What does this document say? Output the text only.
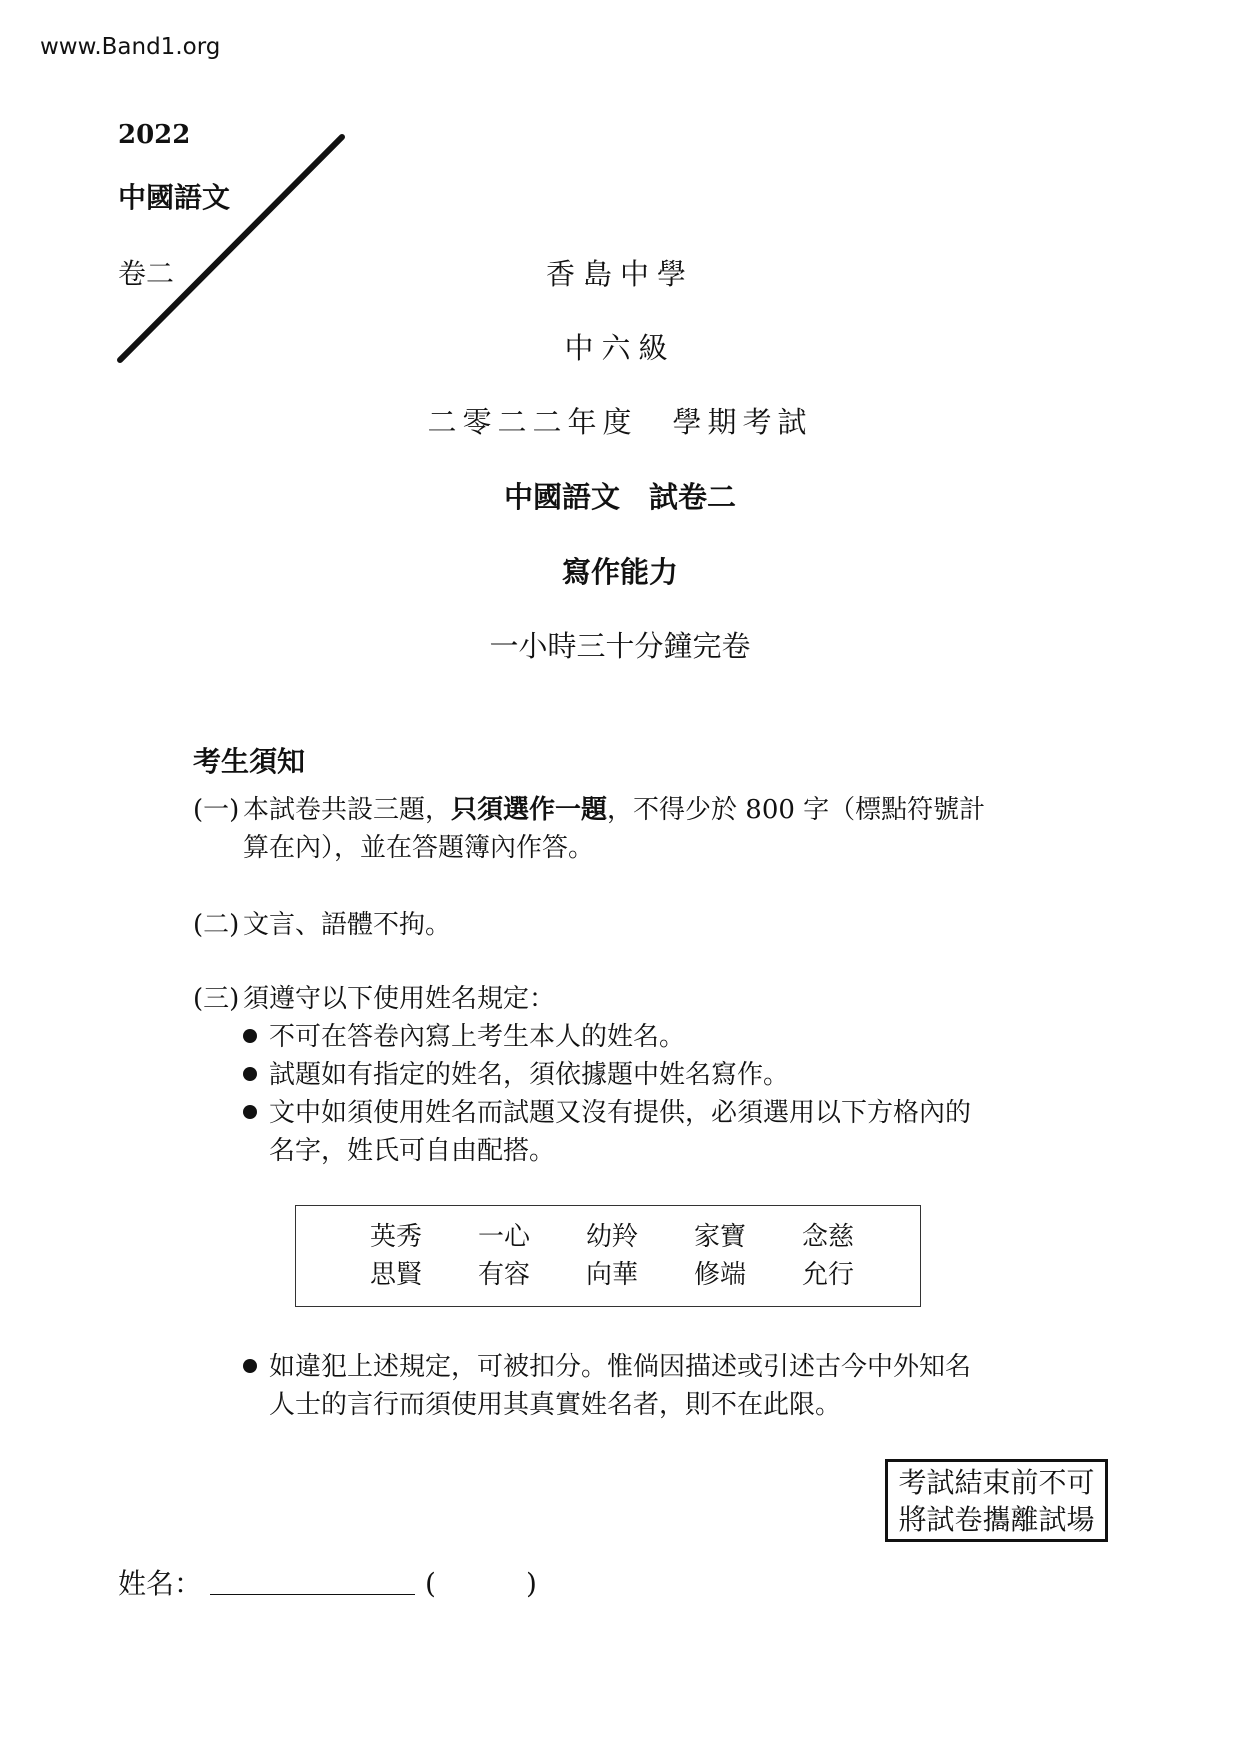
www.Band1.org
2022
中國語文
卷二	香島中學
中六級
二零二二年度　學期考試
中國語文　試卷二
寫作能力
一小時三十分鐘完卷
考生須知
(一) 本試卷共設三題，只須選作一題，不得少於 800 字（標點符號計
算在內），並在答題簿內作答。
(二) 文言、語體不拘。
(三) 須遵守以下使用姓名規定：
不可在答卷內寫上考生本人的姓名。
試題如有指定的姓名，須依據題中姓名寫作。
文中如須使用姓名而試題又沒有提供，必須選用以下方格內的
名字，姓氏可自由配搭。
英秀	一心	幼羚	家寶	念慈
思賢	有容	向華	修端	允行
如違犯上述規定，可被扣分。惟倘因描述或引述古今中外知名
人士的言行而須使用其真實姓名者，則不在此限。
考試結束前不可
將試卷攜離試場
姓名：	(	)
